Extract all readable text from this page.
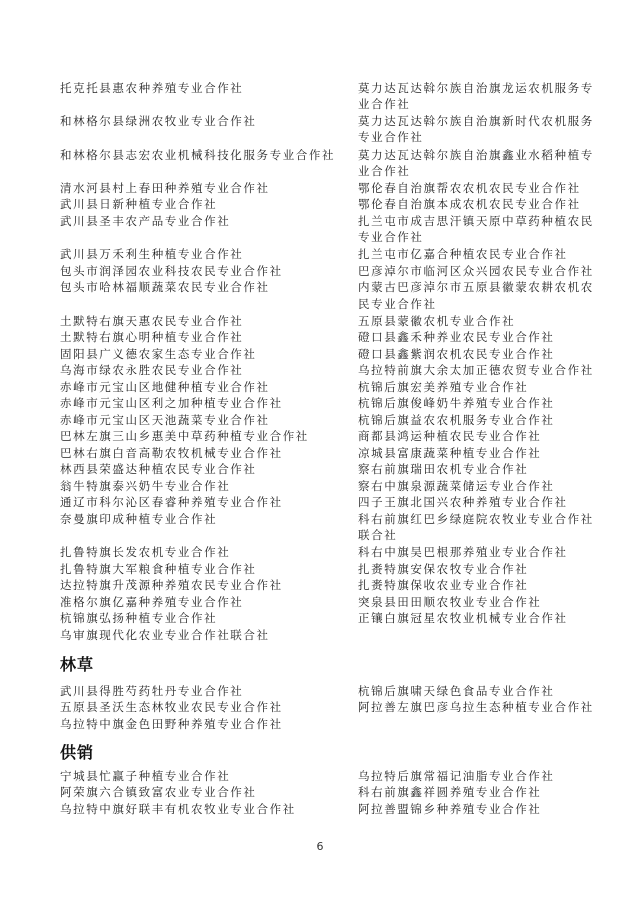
托克托县惠农种养殖专业合作社
和林格尔县绿洲农牧业专业合作社
和林格尔县志宏农业机械科技化服务专业合作社
清水河县村上春田种养殖专业合作社
武川县日新种植专业合作社
武川县圣丰农产品专业合作社
武川县万禾利生种植专业合作社
包头市润泽园农业科技农民专业合作社
包头市哈林福顺蔬菜农民专业合作社
土默特右旗天惠农民专业合作社
土默特右旗心明种植专业合作社
固阳县广义德农家生态专业合作社
乌海市绿农永胜农民专业合作社
赤峰市元宝山区地健种植专业合作社
赤峰市元宝山区利之加种植专业合作社
赤峰市元宝山区天池蔬菜专业合作社
巴林左旗三山乡惠美中草药种植专业合作社
巴林右旗白音高勒农牧机械专业合作社
林西县荣盛达种植农民专业合作社
翁牛特旗泰兴奶牛专业合作社
通辽市科尔沁区春睿种养殖专业合作社
奈曼旗印成种植专业合作社
扎鲁特旗长发农机专业合作社
扎鲁特旗大军粮食种植专业合作社
达拉特旗升茂源种养殖农民专业合作社
准格尔旗亿嘉种养殖专业合作社
杭锦旗弘扬种植专业合作社
乌审旗现代化农业专业合作社联合社
莫力达瓦达斡尔族自治旗龙运农机服务专
业合作社
莫力达瓦达斡尔族自治旗新时代农机服务
专业合作社
莫力达瓦达斡尔族自治旗鑫业水稻种植专
业合作社
鄂伦春自治旗帮农农机农民专业合作社
鄂伦春自治旗本成农机农民专业合作社
扎兰屯市成吉思汗镇天原中草药种植农民
专业合作社
扎兰屯市亿嘉合种植农民专业合作社
巴彦淖尔市临河区众兴园农民专业合作社
内蒙古巴彦淖尔市五原县徽蒙农耕农机农
民专业合作社
五原县蒙徽农机专业合作社
磴口县鑫禾种养业农民专业合作社
磴口县鑫紫润农机农民专业合作社
乌拉特前旗大余太加正德农贸专业合作社
杭锦后旗宏美养殖专业合作社
杭锦后旗俊峰奶牛养殖专业合作社
杭锦后旗益农农机服务专业合作社
商都县鸿运种植农民专业合作社
凉城县富康蔬菜种植专业合作社
察右前旗瑞田农机专业合作社
察右中旗泉源蔬菜储运专业合作社
四子王旗北国兴农种养殖专业合作社
科右前旗红巴乡绿庭院农牧业专业合作社
联合社
科右中旗吴巴根那养殖业专业合作社
扎赉特旗安保农牧专业合作社
扎赉特旗保收农业专业合作社
突泉县田田顺农牧业专业合作社
正镶白旗冠星农牧业机械专业合作社
林草
武川县得胜芍药牡丹专业合作社
五原县圣沃生态林牧业农民专业合作社
乌拉特中旗金色田野种养殖专业合作社
杭锦后旗啸天绿色食品专业合作社
阿拉善左旗巴彦乌拉生态种植专业合作社
供销
宁城县忙赢子种植专业合作社
阿荣旗六合镇致富农业专业合作社
乌拉特中旗好联丰有机农牧业专业合作社
乌拉特后旗常福记油脂专业合作社
科右前旗鑫祥圆养殖专业合作社
阿拉善盟锦乡种养殖专业合作社
6
